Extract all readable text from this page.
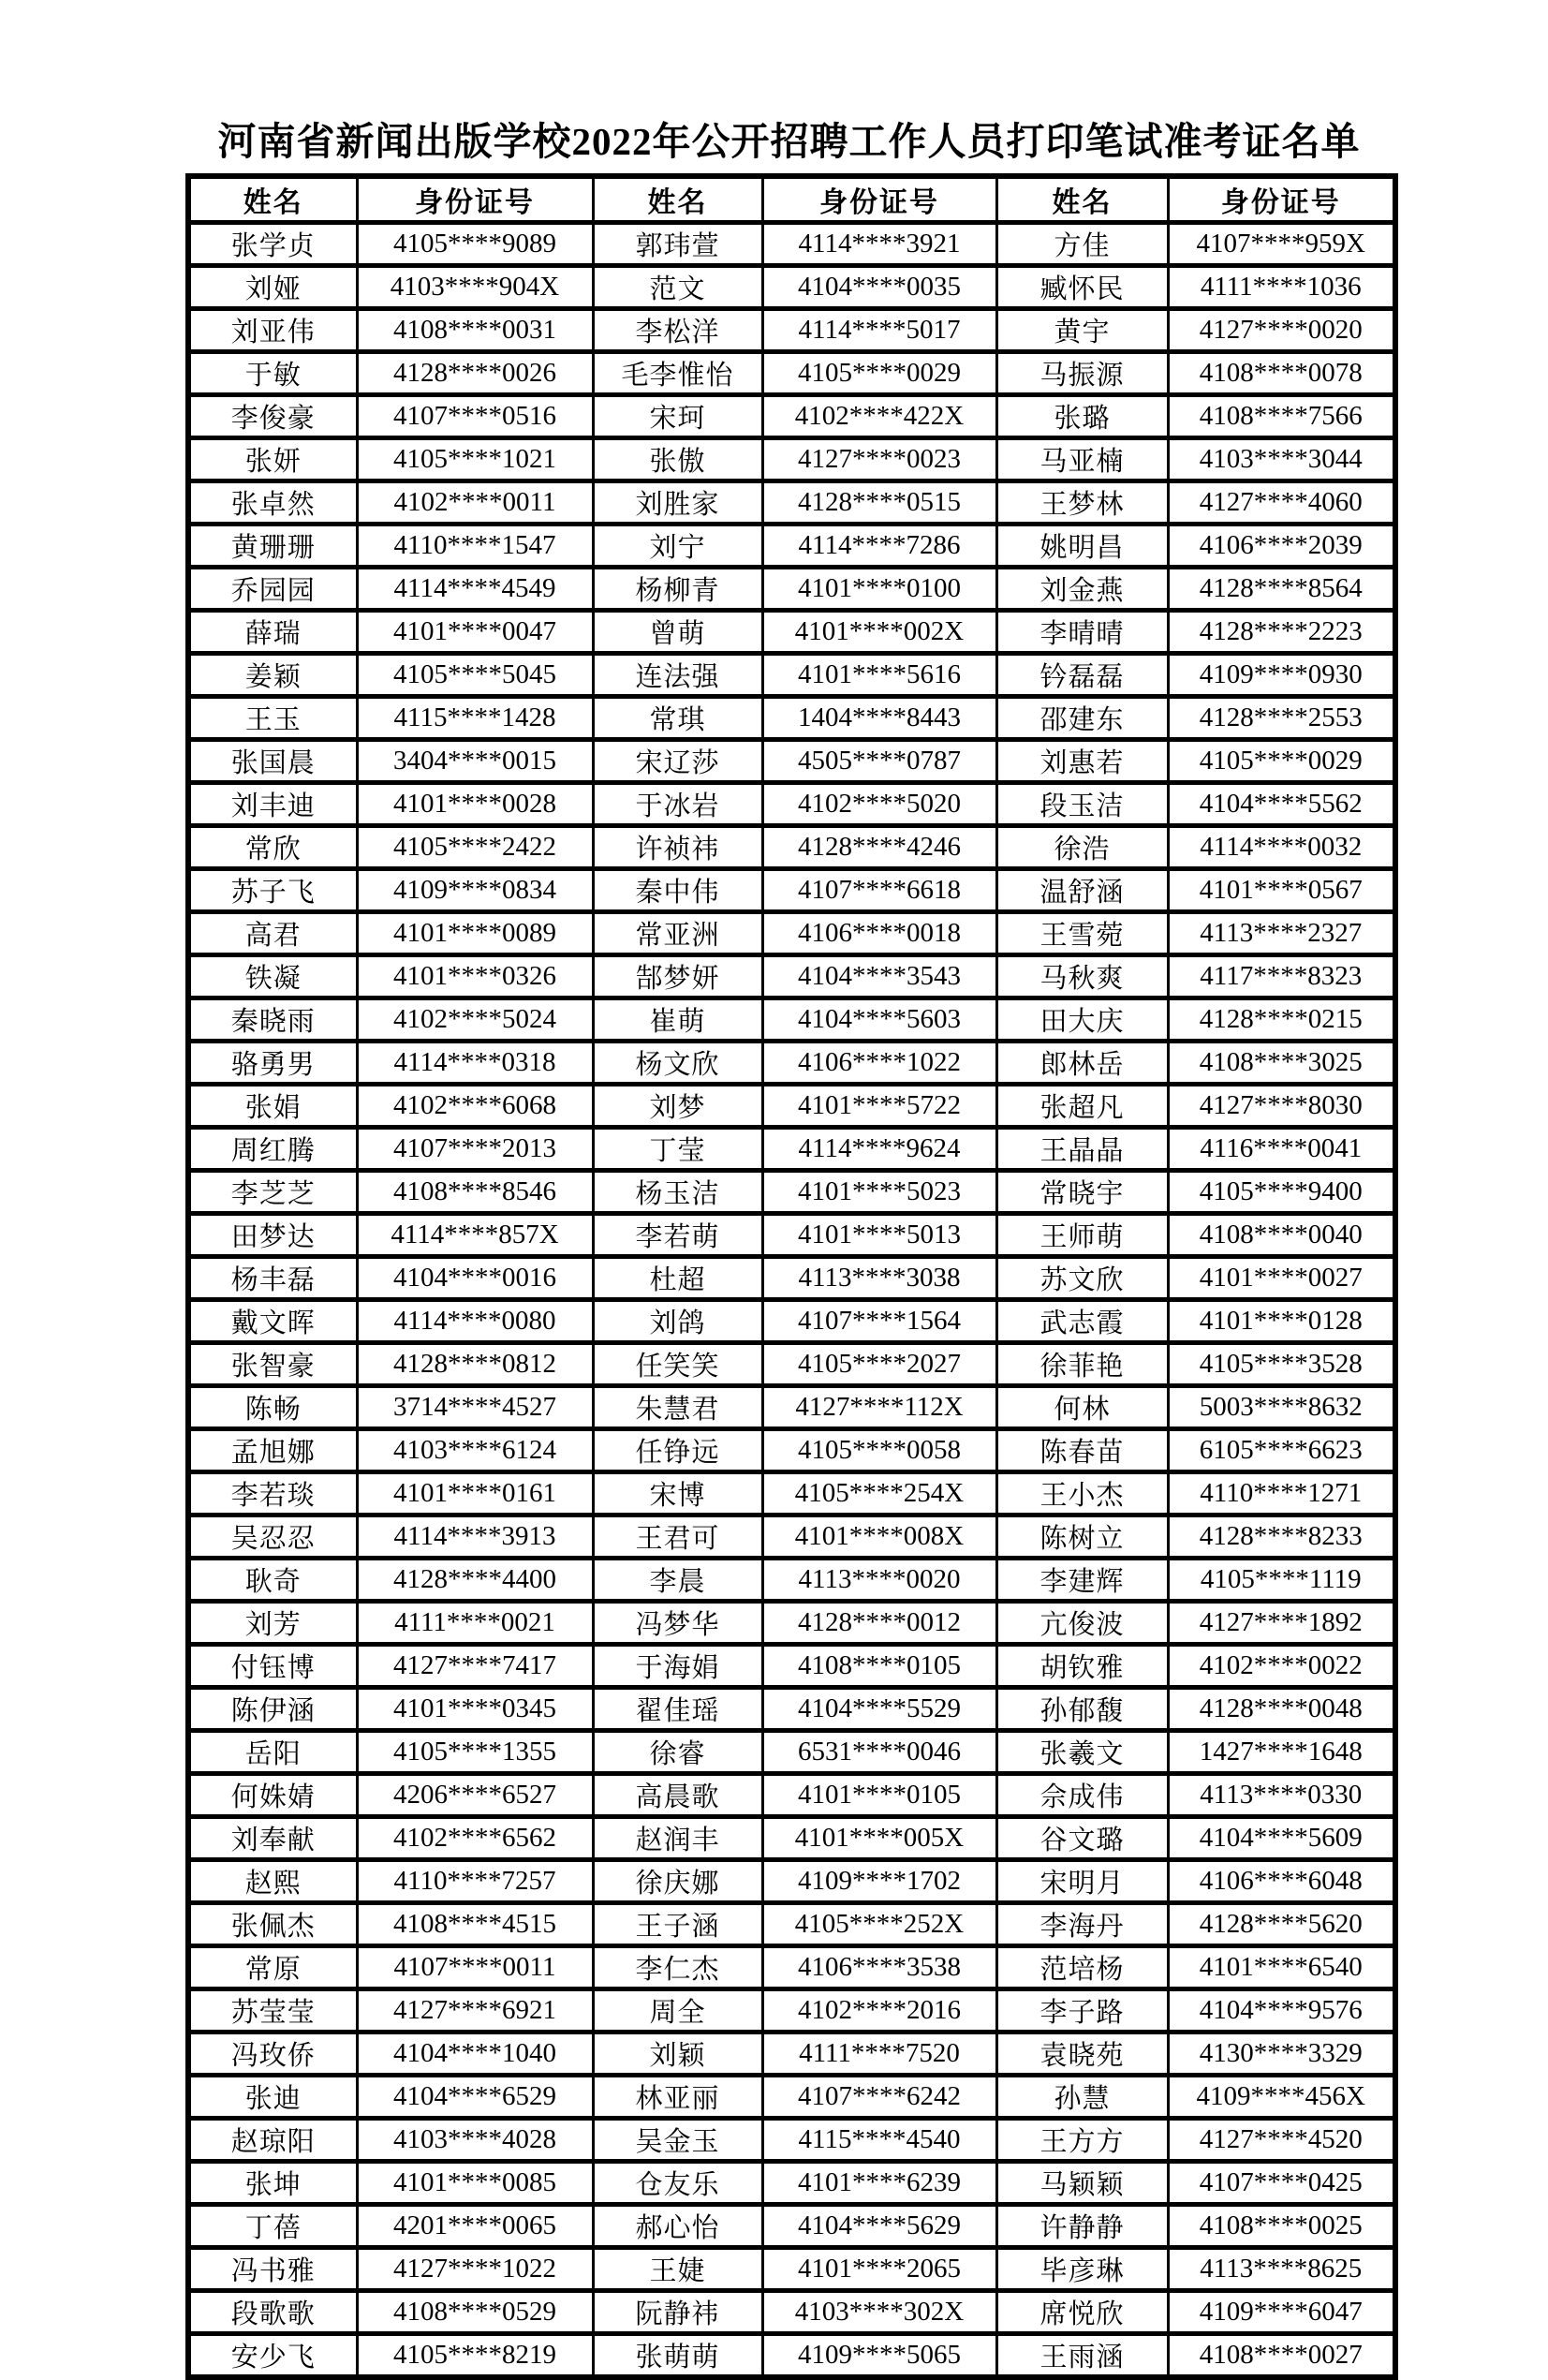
河南省新闻出版学校2022年公开招聘工作人员打印笔试准考证名单
姓名	身份证号	姓名	身份证号	姓名	身份证号
张学贞	4105****9089	郭玮萱	4114****3921	方佳	4107****959X
刘娅	4103****904X	范文	4104****0035	臧怀民	4111****1036
刘亚伟	4108****0031	李松洋	4114****5017	黄宇	4127****0020
于敏	4128****0026	毛李惟怡	4105****0029	马振源	4108****0078
李俊豪	4107****0516	宋珂	4102****422X	张璐	4108****7566
张妍	4105****1021	张傲	4127****0023	马亚楠	4103****3044
张卓然	4102****0011	刘胜家	4128****0515	王梦林	4127****4060
黄珊珊	4110****1547	刘宁	4114****7286	姚明昌	4106****2039
乔园园	4114****4549	杨柳青	4101****0100	刘金燕	4128****8564
薛瑞	4101****0047	曾萌	4101****002X	李晴晴	4128****2223
姜颖	4105****5045	连法强	4101****5616	钤磊磊	4109****0930
王玉	4115****1428	常琪	1404****8443	邵建东	4128****2553
张国晨	3404****0015	宋辽莎	4505****0787	刘惠若	4105****0029
刘丰迪	4101****0028	于冰岩	4102****5020	段玉洁	4104****5562
常欣	4105****2422	许祯祎	4128****4246	徐浩	4114****0032
苏子飞	4109****0834	秦中伟	4107****6618	温舒涵	4101****0567
高君	4101****0089	常亚洲	4106****0018	王雪菀	4113****2327
铁凝	4101****0326	郜梦妍	4104****3543	马秋爽	4117****8323
秦晓雨	4102****5024	崔萌	4104****5603	田大庆	4128****0215
骆勇男	4114****0318	杨文欣	4106****1022	郎林岳	4108****3025
张娟	4102****6068	刘梦	4101****5722	张超凡	4127****8030
周红腾	4107****2013	丁莹	4114****9624	王晶晶	4116****0041
李芝芝	4108****8546	杨玉洁	4101****5023	常晓宇	4105****9400
田梦达	4114****857X	李若萌	4101****5013	王师萌	4108****0040
杨丰磊	4104****0016	杜超	4113****3038	苏文欣	4101****0027
戴文晖	4114****0080	刘鸽	4107****1564	武志霞	4101****0128
张智豪	4128****0812	任笑笑	4105****2027	徐菲艳	4105****3528
陈畅	3714****4527	朱慧君	4127****112X	何林	5003****8632
孟旭娜	4103****6124	任铮远	4105****0058	陈春苗	6105****6623
李若琰	4101****0161	宋博	4105****254X	王小杰	4110****1271
吴忍忍	4114****3913	王君可	4101****008X	陈树立	4128****8233
耿奇	4128****4400	李晨	4113****0020	李建辉	4105****1119
刘芳	4111****0021	冯梦华	4128****0012	亢俊波	4127****1892
付钰博	4127****7417	于海娟	4108****0105	胡钦雅	4102****0022
陈伊涵	4101****0345	翟佳瑶	4104****5529	孙郁馥	4128****0048
岳阳	4105****1355	徐睿	6531****0046	张羲文	1427****1648
何姝婧	4206****6527	高晨歌	4101****0105	佘成伟	4113****0330
刘奉献	4102****6562	赵润丰	4101****005X	谷文璐	4104****5609
赵熙	4110****7257	徐庆娜	4109****1702	宋明月	4106****6048
张佩杰	4108****4515	王子涵	4105****252X	李海丹	4128****5620
常原	4107****0011	李仁杰	4106****3538	范培杨	4101****6540
苏莹莹	4127****6921	周全	4102****2016	李子路	4104****9576
冯玫侨	4104****1040	刘颖	4111****7520	袁晓苑	4130****3329
张迪	4104****6529	林亚丽	4107****6242	孙慧	4109****456X
赵琼阳	4103****4028	吴金玉	4115****4540	王方方	4127****4520
张坤	4101****0085	仓友乐	4101****6239	马颖颖	4107****0425
丁蓓	4201****0065	郝心怡	4104****5629	许静静	4108****0025
冯书雅	4127****1022	王婕	4101****2065	毕彦琳	4113****8625
段歌歌	4108****0529	阮静祎	4103****302X	席悦欣	4109****6047
安少飞	4105****8219	张萌萌	4109****5065	王雨涵	4108****0027
